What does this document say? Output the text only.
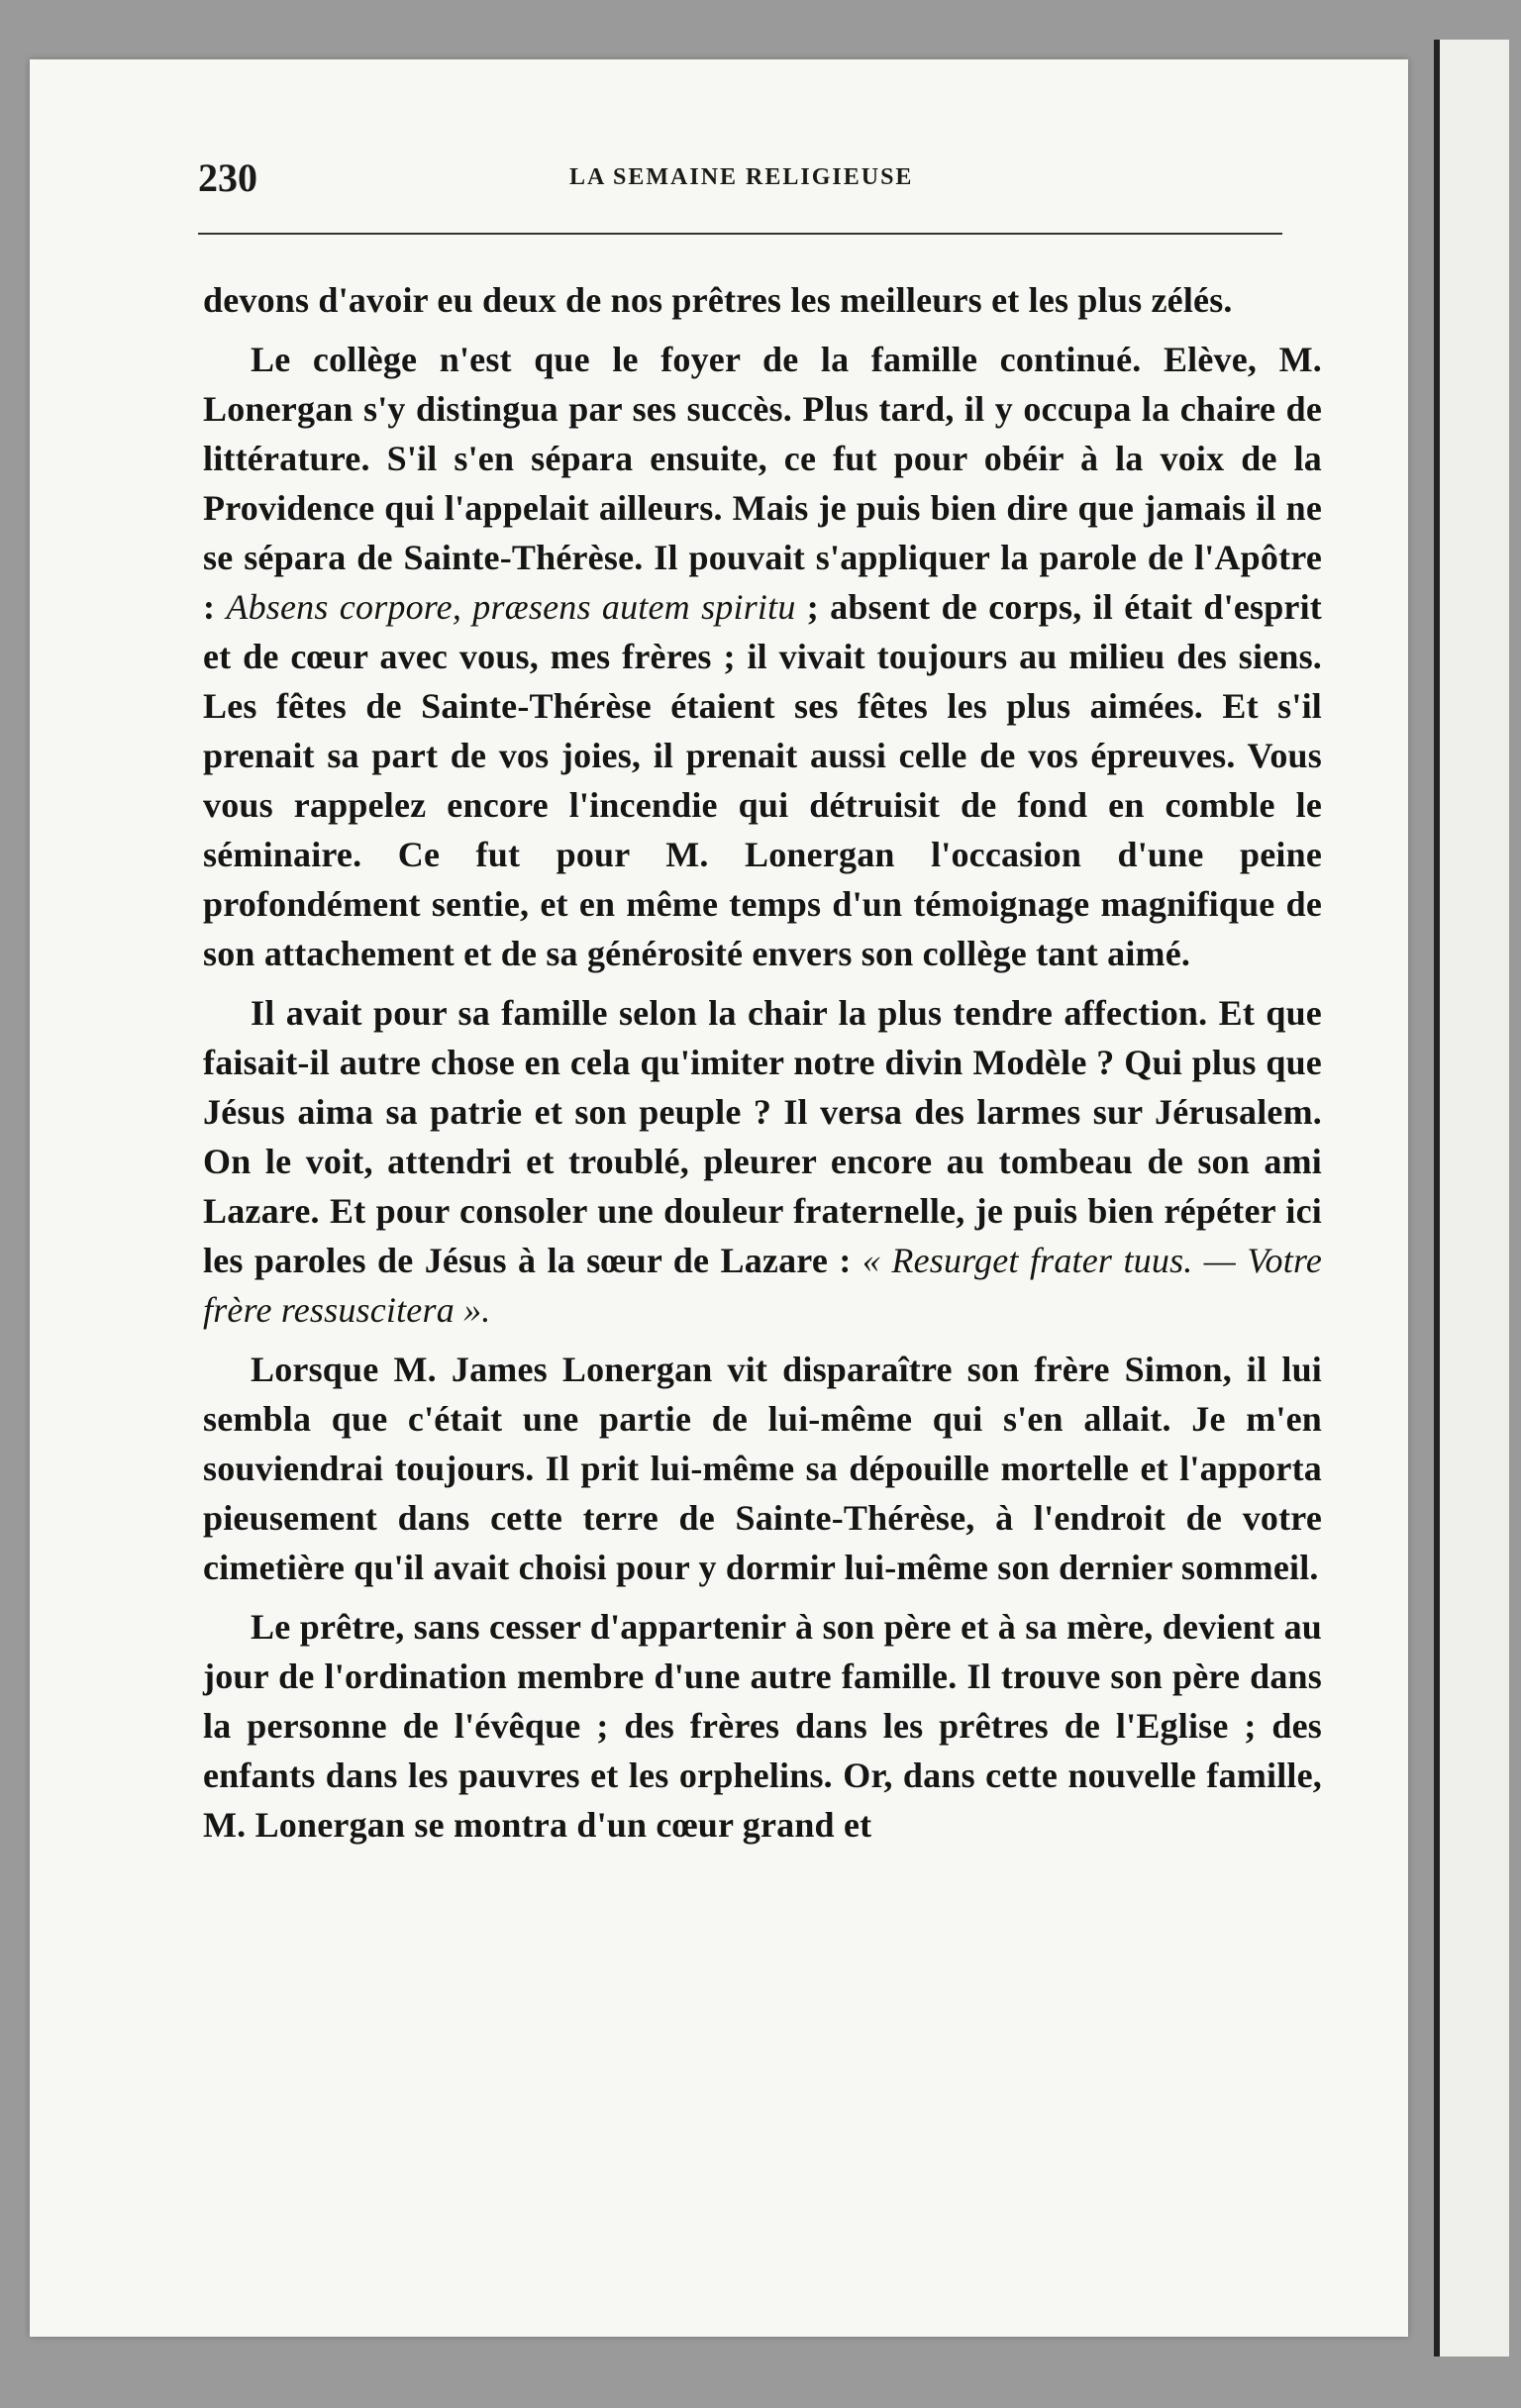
230	LA SEMAINE RELIGIEUSE

devons d'avoir eu deux de nos prêtres les meilleurs et les plus zélés.

Le collège n'est que le foyer de la famille continué. Elève, M. Lonergan s'y distingua par ses succès. Plus tard, il y occupa la chaire de littérature. S'il s'en sépara ensuite, ce fut pour obéir à la voix de la Providence qui l'appelait ailleurs. Mais je puis bien dire que jamais il ne se sépara de Sainte-Thérèse. Il pouvait s'appliquer la parole de l'Apôtre : Absens corpore, præsens autem spiritu ; absent de corps, il était d'esprit et de cœur avec vous, mes frères ; il vivait toujours au milieu des siens. Les fêtes de Sainte-Thérèse étaient ses fêtes les plus aimées. Et s'il prenait sa part de vos joies, il prenait aussi celle de vos épreuves. Vous vous rappelez encore l'incendie qui détruisit de fond en comble le séminaire. Ce fut pour M. Lonergan l'occasion d'une peine profondément sentie, et en même temps d'un témoignage magnifique de son attachement et de sa générosité envers son collège tant aimé.

Il avait pour sa famille selon la chair la plus tendre affection. Et que faisait-il autre chose en cela qu'imiter notre divin Modèle ? Qui plus que Jésus aima sa patrie et son peuple ? Il versa des larmes sur Jérusalem. On le voit, attendri et troublé, pleurer encore au tombeau de son ami Lazare. Et pour consoler une douleur fraternelle, je puis bien répéter ici les paroles de Jésus à la sœur de Lazare : « Resurget frater tuus. — Votre frère ressuscitera ».

Lorsque M. James Lonergan vit disparaître son frère Simon, il lui sembla que c'était une partie de lui-même qui s'en allait. Je m'en souviendrai toujours. Il prit lui-même sa dépouille mortelle et l'apporta pieusement dans cette terre de Sainte-Thérèse, à l'endroit de votre cimetière qu'il avait choisi pour y dormir lui-même son dernier sommeil.

Le prêtre, sans cesser d'appartenir à son père et à sa mère, devient au jour de l'ordination membre d'une autre famille. Il trouve son père dans la personne de l'évêque ; des frères dans les prêtres de l'Eglise ; des enfants dans les pauvres et les orphelins. Or, dans cette nouvelle famille, M. Lonergan se montra d'un cœur grand et
